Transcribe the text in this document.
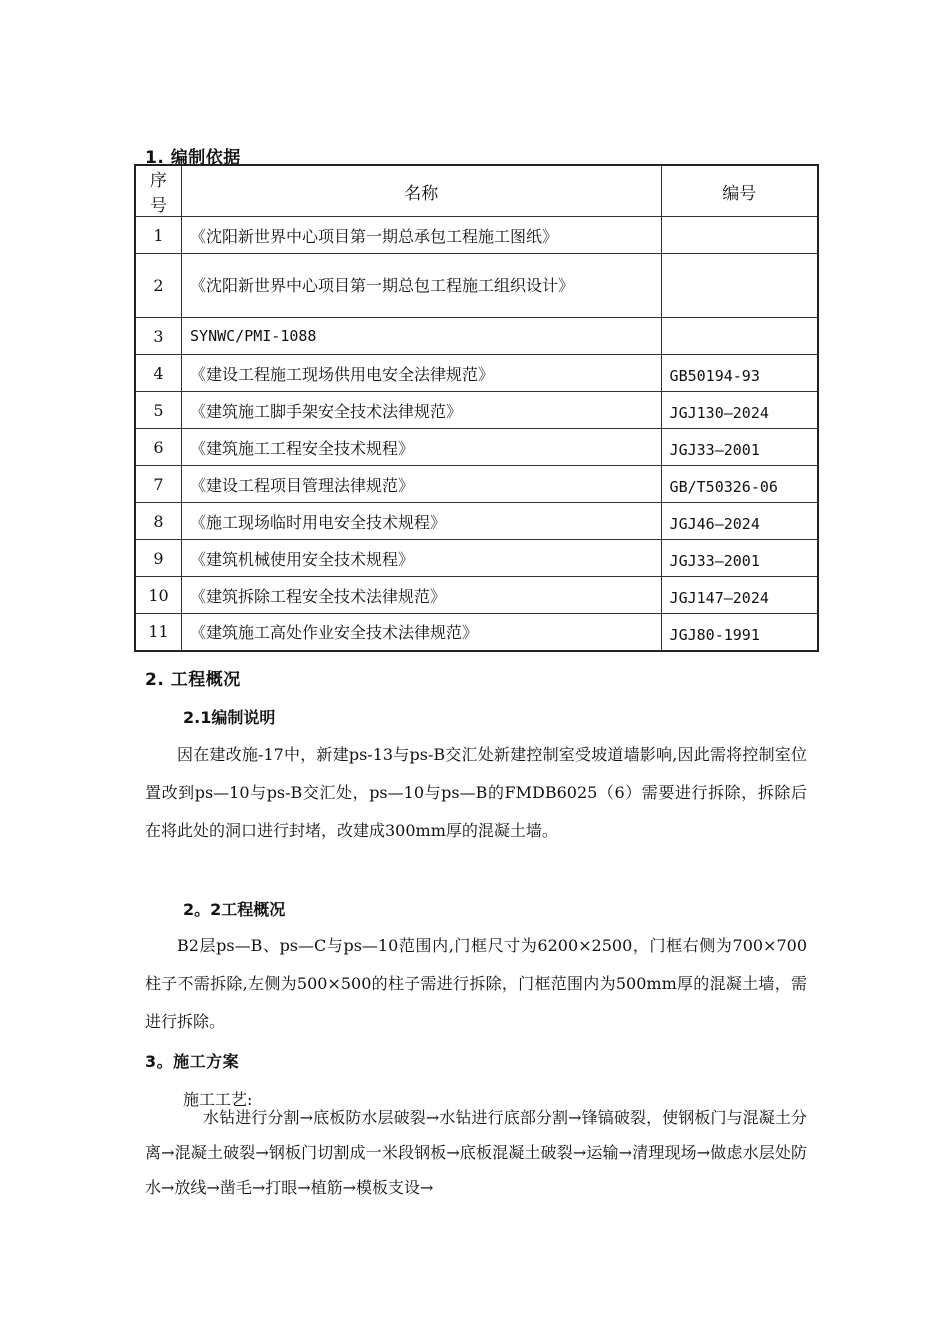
1. 编制依据
序号	名称	编号
1	《沈阳新世界中心项目第一期总承包工程施工图纸》	
2	《沈阳新世界中心项目第一期总包工程施工组织设计》	
3	SYNWC/PMI-1088	
4	《建设工程施工现场供用电安全法律规范》	GB50194-93
5	《建筑施工脚手架安全技术法律规范》	JGJ130—2024
6	《建筑施工工程安全技术规程》	JGJ33—2001
7	《建设工程项目管理法律规范》	GB/T50326-06
8	《施工现场临时用电安全技术规程》	JGJ46—2024
9	《建筑机械使用安全技术规程》	JGJ33—2001
10	《建筑拆除工程安全技术法律规范》	JGJ147—2024
11	《建筑施工高处作业安全技术法律规范》	JGJ80-1991
2. 工程概况
2.1编制说明
因在建改施-17中，新建ps-13与ps-B交汇处新建控制室受坡道墙影响,因此需将控制室位置改到ps—10与ps-B交汇处，ps—10与ps—B的FMDB6025（6）需要进行拆除，拆除后在将此处的洞口进行封堵，改建成300mm厚的混凝土墙。
2。2工程概况
B2层ps—B、ps—C与ps—10范围内,门框尺寸为6200×2500，门框右侧为700×700柱子不需拆除,左侧为500×500的柱子需进行拆除，门框范围内为500mm厚的混凝土墙，需进行拆除。
3。施工方案
施工工艺:
水钻进行分割→底板防水层破裂→水钻进行底部分割→锋镐破裂，使钢板门与混凝土分离→混凝土破裂→钢板门切割成一米段钢板→底板混凝土破裂→运输→清理现场→做虑水层处防水→放线→凿毛→打眼→植筋→模板支设→
